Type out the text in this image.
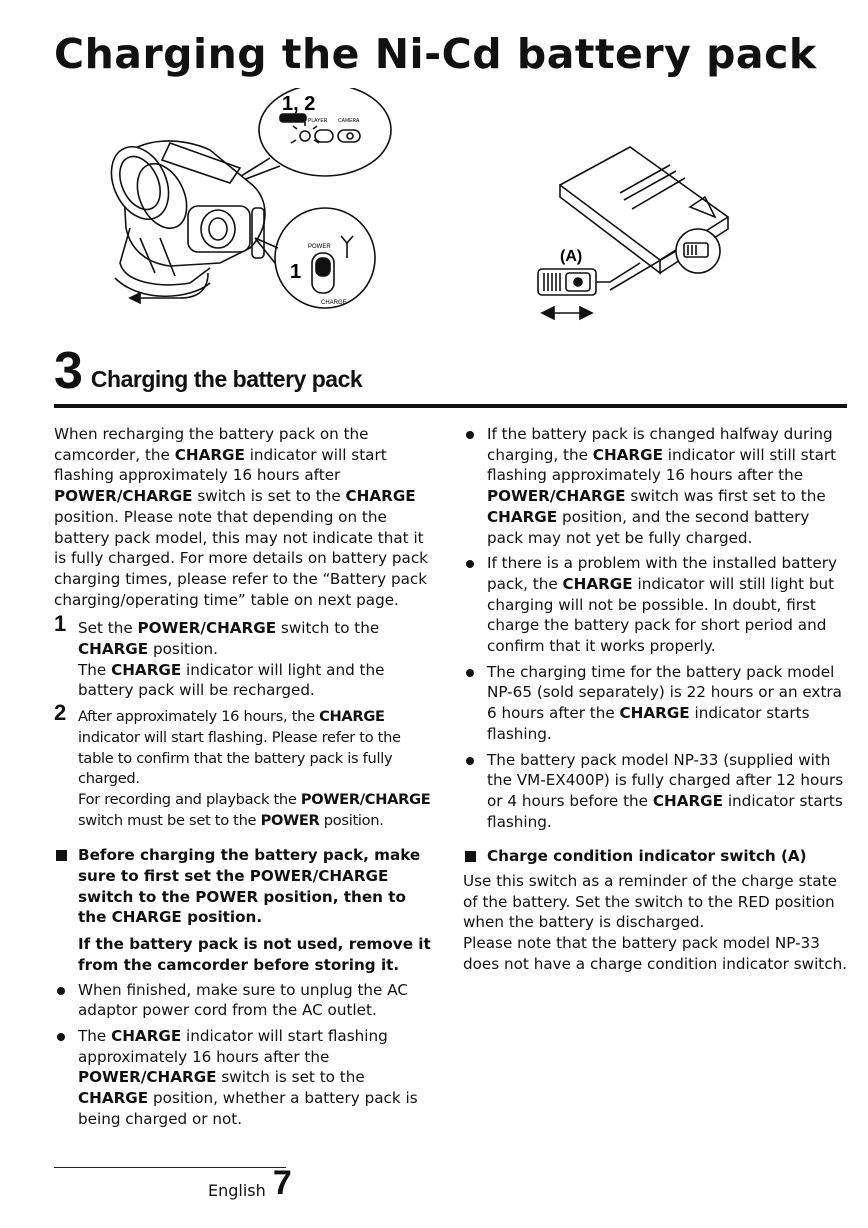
Charging the Ni-Cd battery pack
1, 2
PLAYER CAMERA
1
POWER
CHARGE
(A)
3 Charging the battery pack

When recharging the battery pack on the camcorder, the CHARGE indicator will start flashing approximately 16 hours after POWER/CHARGE switch is set to the CHARGE position. Please note that depending on the battery pack model, this may not indicate that it is fully charged. For more details on battery pack charging times, please refer to the “Battery pack charging/operating time” table on next page.

1 Set the POWER/CHARGE switch to the CHARGE position.

The CHARGE indicator will light and the battery pack will be recharged.

2 After approximately 16 hours, the CHARGE indicator will start flashing. Please refer to the table to confirm that the battery pack is fully charged.

For recording and playback the POWER/CHARGE switch must be set to the POWER position.

Before charging the battery pack, make sure to first set the POWER/CHARGE switch to the POWER position, then to the CHARGE position.

If the battery pack is not used, remove it from the camcorder before storing it.

When finished, make sure to unplug the AC adaptor power cord from the AC outlet.

The CHARGE indicator will start flashing approximately 16 hours after the POWER/CHARGE switch is set to the CHARGE position, whether a battery pack is being charged or not.

If the battery pack is changed halfway during charging, the CHARGE indicator will still start flashing approximately 16 hours after the POWER/CHARGE switch was first set to the CHARGE position, and the second battery pack may not yet be fully charged.

If there is a problem with the installed battery pack, the CHARGE indicator will still light but charging will not be possible. In doubt, first charge the battery pack for short period and confirm that it works properly.

The charging time for the battery pack model NP-65 (sold separately) is 22 hours or an extra 6 hours after the CHARGE indicator starts flashing.

The battery pack model NP-33 (supplied with the VM-EX400P) is fully charged after 12 hours or 4 hours before the CHARGE indicator starts flashing.

Charge condition indicator switch (A)

Use this switch as a reminder of the charge state of the battery. Set the switch to the RED position when the battery is discharged.

Please note that the battery pack model NP-33 does not have a charge condition indicator switch.

English 7
